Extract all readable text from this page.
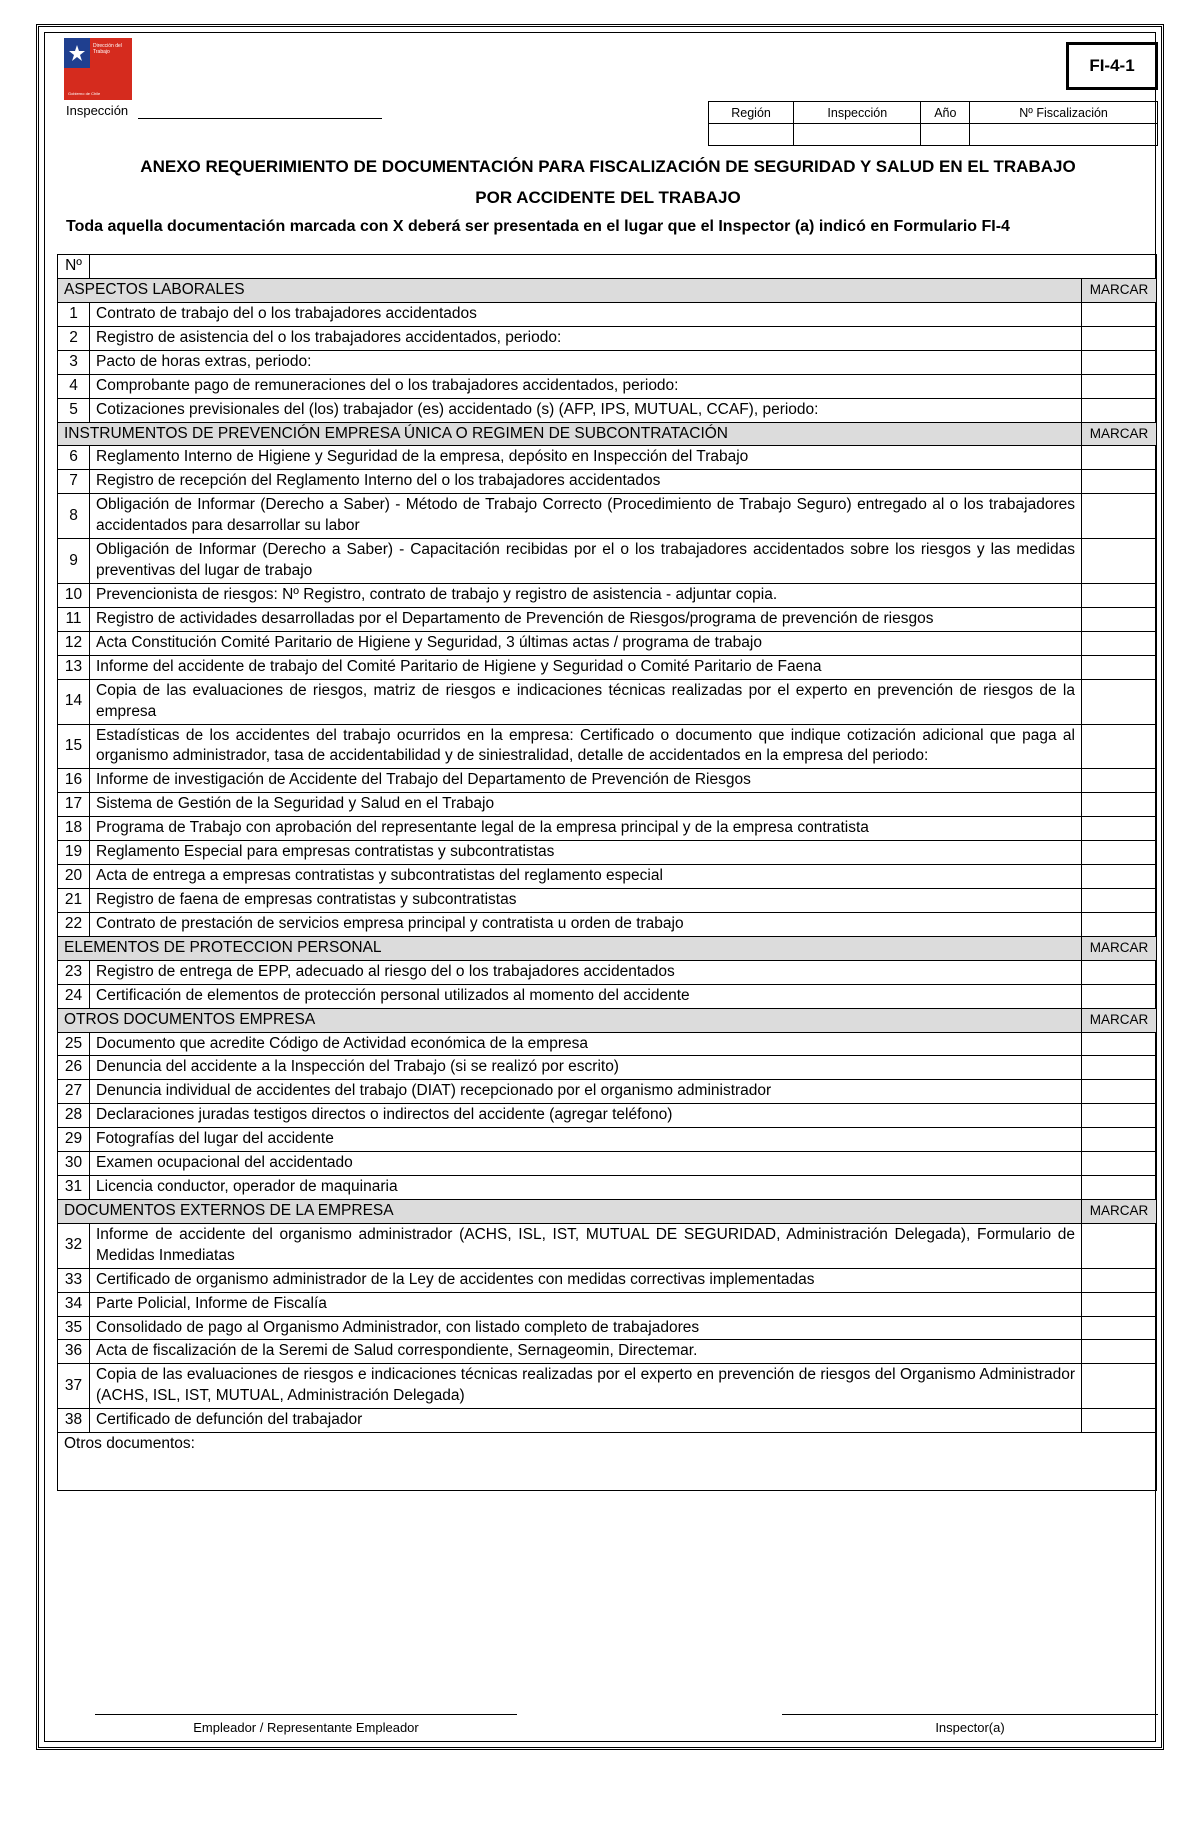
Dirección del
Trabajo
Gobierno de Chile
FI-4-1
Inspección	Región	Inspección	Año	Nº Fiscalización

ANEXO REQUERIMIENTO DE DOCUMENTACIÓN PARA FISCALIZACIÓN DE SEGURIDAD Y SALUD EN EL TRABAJO
POR ACCIDENTE DEL TRABAJO
Toda aquella documentación marcada con X deberá ser presentada en el lugar que el Inspector (a) indicó en Formulario FI-4
Nº		
ASPECTOS LABORALES		MARCAR
1	Contrato de trabajo del o los trabajadores accidentados	
2	Registro de asistencia del o los trabajadores accidentados, periodo:	
3	Pacto de horas extras, periodo:	
4	Comprobante pago de remuneraciones del o los trabajadores accidentados, periodo:	
5	Cotizaciones previsionales del (los) trabajador (es) accidentado (s) (AFP, IPS, MUTUAL, CCAF), periodo:	
INSTRUMENTOS DE PREVENCIÓN EMPRESA ÚNICA O REGIMEN DE SUBCONTRATACIÓN		MARCAR
6	Reglamento Interno de Higiene y Seguridad de la empresa, depósito en Inspección del Trabajo	
7	Registro de recepción del Reglamento Interno del o los trabajadores accidentados	
8	Obligación de Informar (Derecho a Saber) - Método de Trabajo Correcto (Procedimiento de Trabajo Seguro) entregado al o los trabajadores accidentados para desarrollar su labor	
9	Obligación de Informar (Derecho a Saber) - Capacitación recibidas por el o los trabajadores accidentados sobre los riesgos y las medidas preventivas del lugar de trabajo	
10	Prevencionista de riesgos: Nº Registro, contrato de trabajo y registro de asistencia - adjuntar copia.	
11	Registro de actividades desarrolladas por el Departamento de Prevención de Riesgos/programa de prevención de riesgos	
12	Acta Constitución Comité Paritario de Higiene y Seguridad, 3 últimas actas / programa de trabajo	
13	Informe del accidente de trabajo del Comité Paritario de Higiene y Seguridad o Comité Paritario de Faena	
14	Copia de las evaluaciones de riesgos, matriz de riesgos e indicaciones técnicas realizadas por el experto en prevención de riesgos de la empresa	
15	Estadísticas de los accidentes del trabajo ocurridos en la empresa: Certificado o documento que indique cotización adicional que paga al organismo administrador, tasa de accidentabilidad y de siniestralidad, detalle de accidentados en la empresa del periodo:	
16	Informe de investigación de Accidente del Trabajo del Departamento de Prevención de Riesgos	
17	Sistema de Gestión de la Seguridad y Salud en el Trabajo	
18	Programa de Trabajo con aprobación del representante legal de la empresa principal y de la empresa contratista	
19	Reglamento Especial para empresas contratistas y subcontratistas	
20	Acta de entrega a empresas contratistas y subcontratistas del reglamento especial	
21	Registro de faena de empresas contratistas y subcontratistas	
22	Contrato de prestación de servicios empresa principal y contratista u orden de trabajo	
ELEMENTOS DE PROTECCION PERSONAL		MARCAR
23	Registro de entrega de EPP, adecuado al riesgo del o los trabajadores accidentados	
24	Certificación de elementos de protección personal utilizados al momento del accidente	
OTROS DOCUMENTOS EMPRESA		MARCAR
25	Documento que acredite Código de Actividad económica de la empresa	
26	Denuncia del accidente a la Inspección del Trabajo (si se realizó por escrito)	
27	Denuncia individual de accidentes del trabajo (DIAT) recepcionado por el organismo administrador	
28	Declaraciones juradas testigos directos o indirectos del accidente (agregar teléfono)	
29	Fotografías del lugar del accidente	
30	Examen ocupacional del accidentado	
31	Licencia conductor, operador de maquinaria	
DOCUMENTOS EXTERNOS DE LA EMPRESA		MARCAR
32	Informe de accidente del organismo administrador (ACHS, ISL, IST, MUTUAL DE SEGURIDAD, Administración Delegada), Formulario de Medidas Inmediatas	
33	Certificado de organismo administrador de la Ley de accidentes con medidas correctivas implementadas	
34	Parte Policial, Informe de Fiscalía	
35	Consolidado de pago al Organismo Administrador, con listado completo de trabajadores	
36	Acta de fiscalización de la Seremi de Salud correspondiente, Sernageomin, Directemar.	
37	Copia de las evaluaciones de riesgos e indicaciones técnicas realizadas por el experto en prevención de riesgos del Organismo Administrador (ACHS, ISL, IST, MUTUAL, Administración Delegada)	
38	Certificado de defunción del trabajador	
Otros documentos:		
Empleador / Representante Empleador	Inspector(a)
